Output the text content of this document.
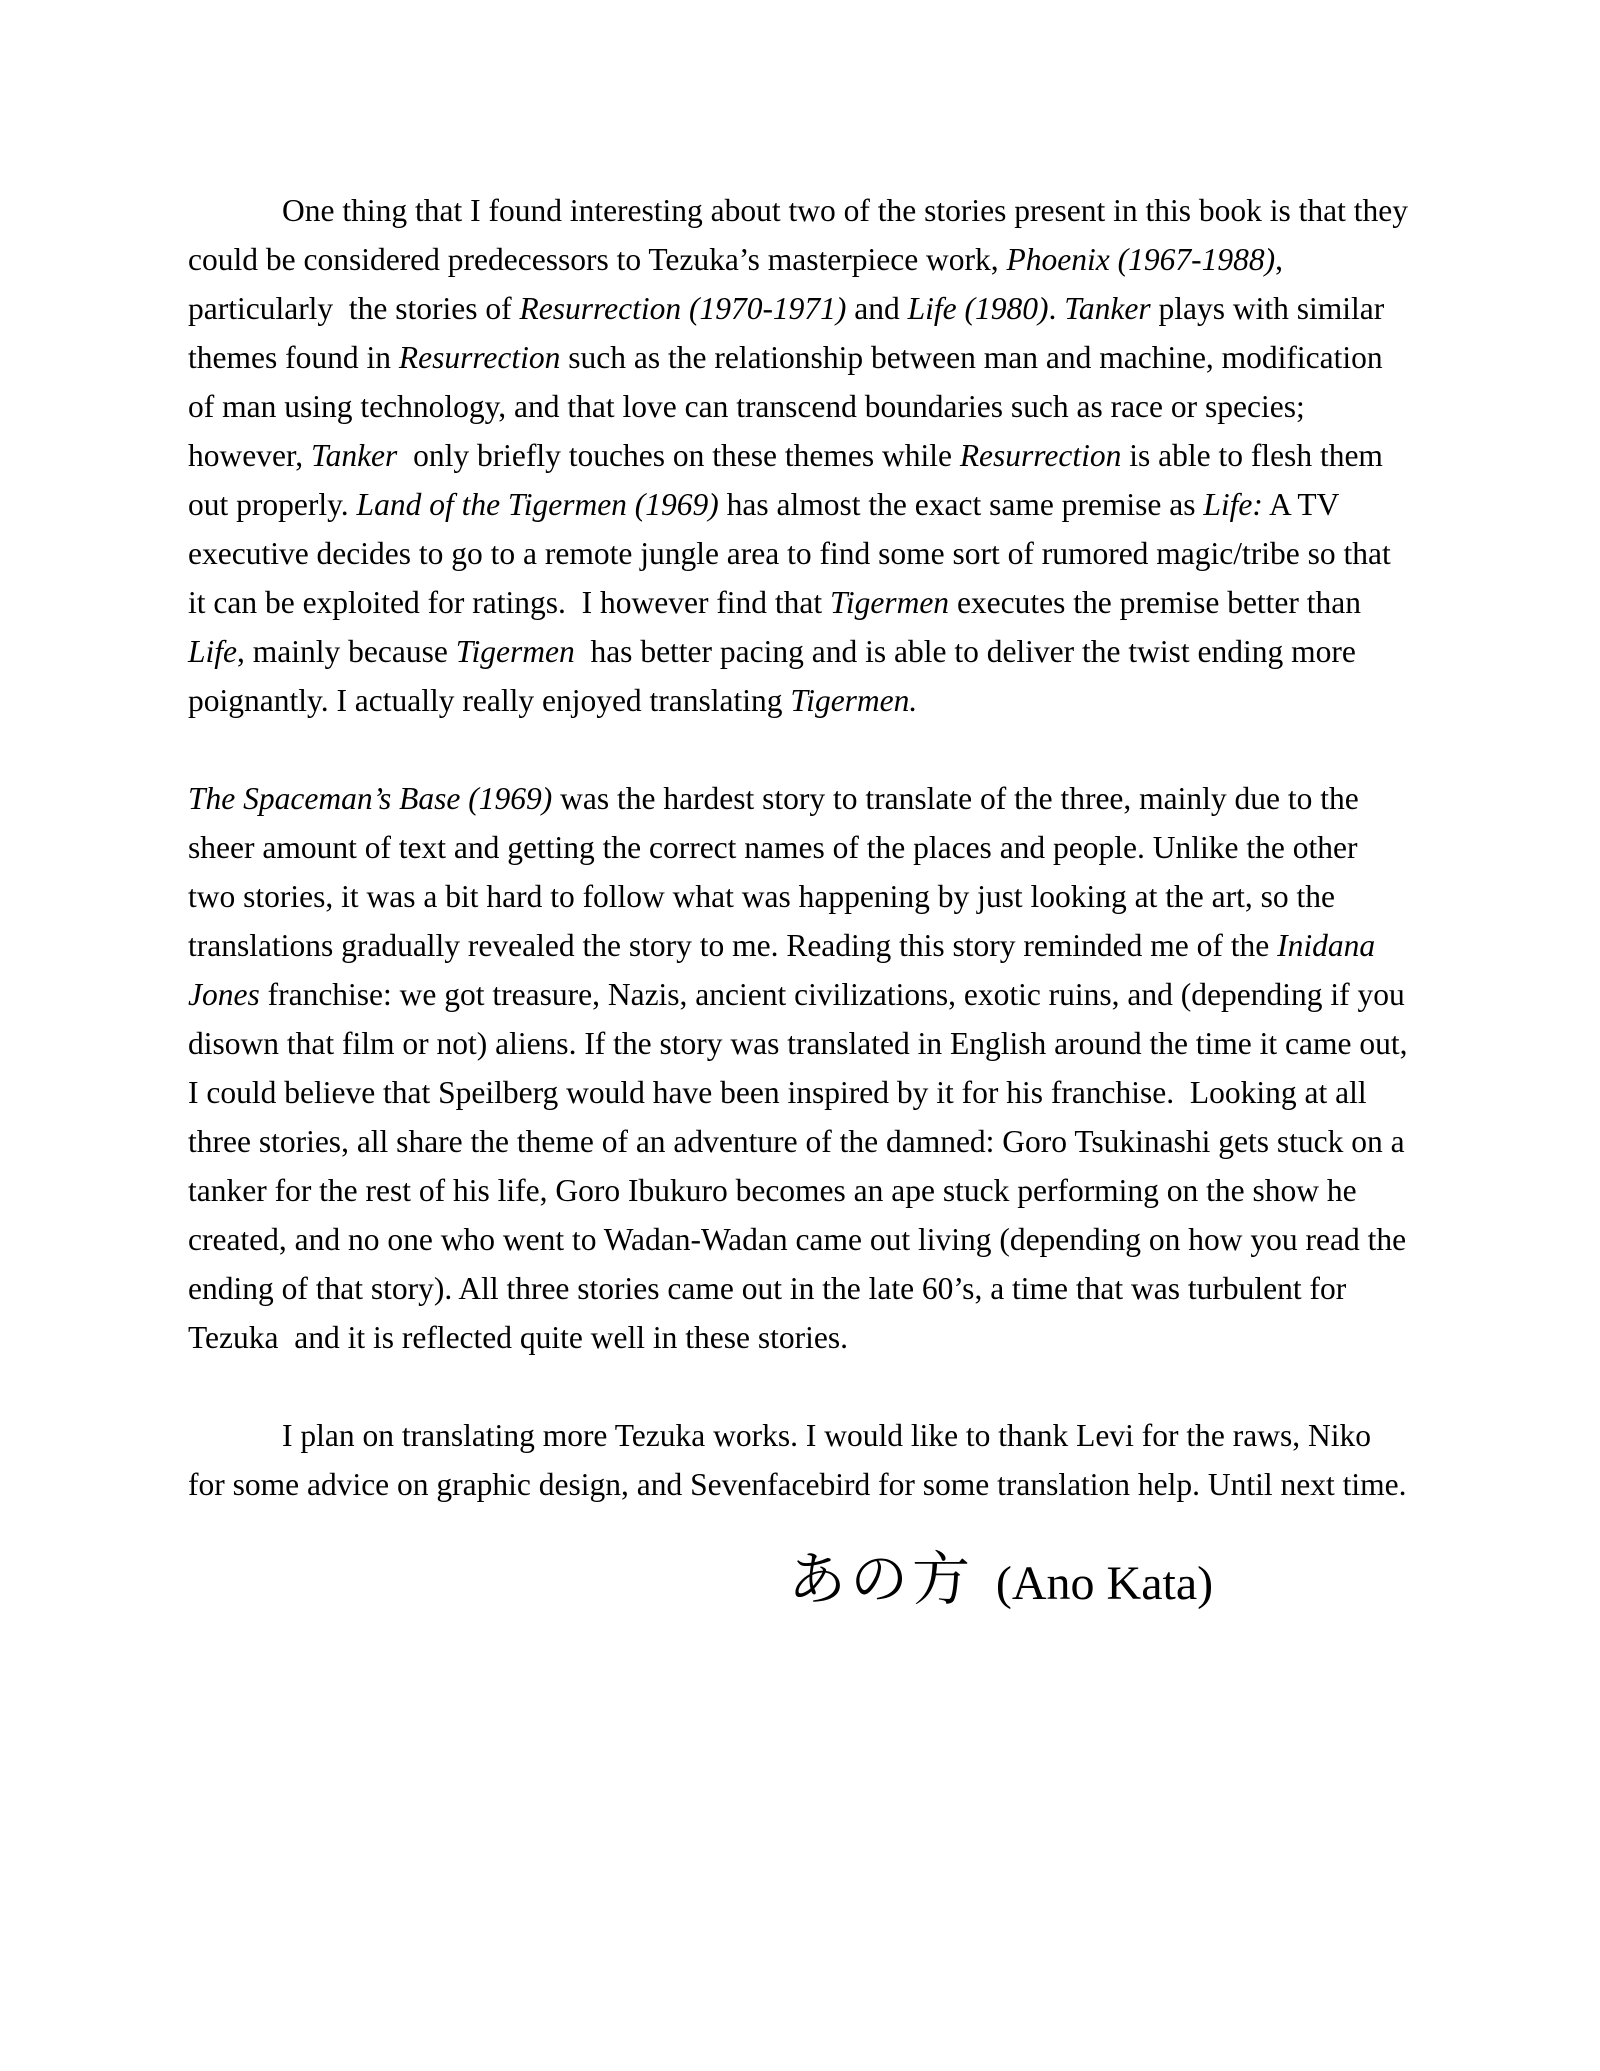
One thing that I found interesting about two of the stories present in this book is that they could be considered predecessors to Tezuka’s masterpiece work, Phoenix (1967-1988), particularly  the stories of Resurrection (1970-1971) and Life (1980). Tanker plays with similar themes found in Resurrection such as the relationship between man and machine, modification of man using technology, and that love can transcend boundaries such as race or species; however, Tanker  only briefly touches on these themes while Resurrection is able to flesh them out properly. Land of the Tigermen (1969) has almost the exact same premise as Life: A TV executive decides to go to a remote jungle area to find some sort of rumored magic/tribe so that it can be exploited for ratings.  I however find that Tigermen executes the premise better than Life, mainly because Tigermen  has better pacing and is able to deliver the twist ending more poignantly. I actually really enjoyed translating Tigermen.

The Spaceman’s Base (1969) was the hardest story to translate of the three, mainly due to the sheer amount of text and getting the correct names of the places and people. Unlike the other two stories, it was a bit hard to follow what was happening by just looking at the art, so the translations gradually revealed the story to me. Reading this story reminded me of the Inidana Jones franchise: we got treasure, Nazis, ancient civilizations, exotic ruins, and (depending if you disown that film or not) aliens. If the story was translated in English around the time it came out, I could believe that Speilberg would have been inspired by it for his franchise.  Looking at all three stories, all share the theme of an adventure of the damned: Goro Tsukinashi gets stuck on a tanker for the rest of his life, Goro Ibukuro becomes an ape stuck performing on the show he created, and no one who went to Wadan-Wadan came out living (depending on how you read the ending of that story). All three stories came out in the late 60’s, a time that was turbulent for Tezuka  and it is reflected quite well in these stories.

I plan on translating more Tezuka works. I would like to thank Levi for the raws, Niko for some advice on graphic design, and Sevenfacebird for some translation help. Until next time.

あの方 (Ano Kata)
